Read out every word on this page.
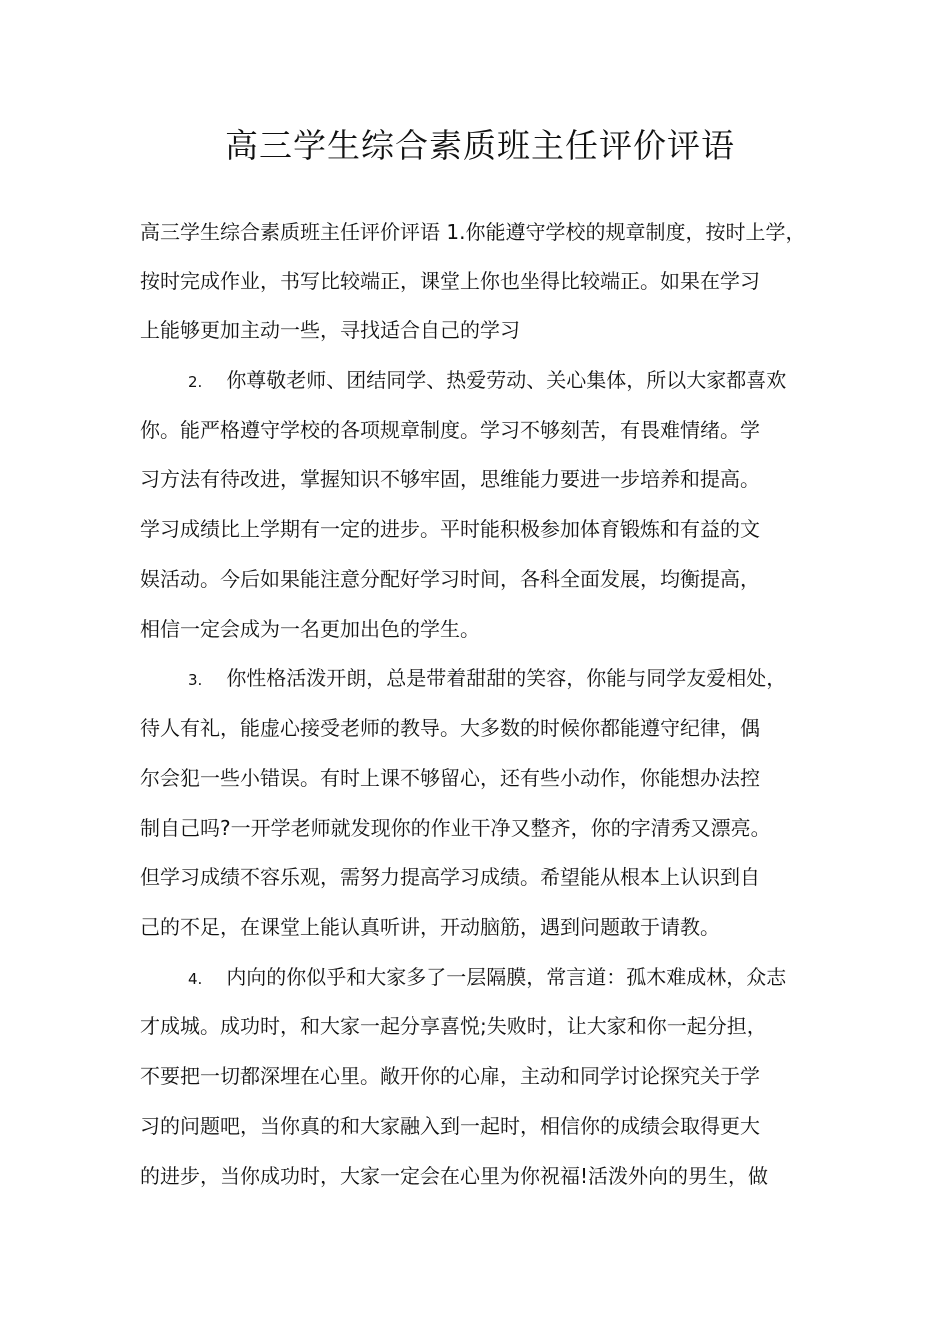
高三学生综合素质班主任评价评语
高三学生综合素质班主任评价评语 1.你能遵守学校的规章制度，按时上学，
按时完成作业，书写比较端正，课堂上你也坐得比较端正。如果在学习
上能够更加主动一些，寻找适合自己的学习
2. 你尊敬老师、团结同学、热爱劳动、关心集体，所以大家都喜欢
你。能严格遵守学校的各项规章制度。学习不够刻苦，有畏难情绪。学
习方法有待改进，掌握知识不够牢固，思维能力要进一步培养和提高。
学习成绩比上学期有一定的进步。平时能积极参加体育锻炼和有益的文
娱活动。今后如果能注意分配好学习时间，各科全面发展，均衡提高，
相信一定会成为一名更加出色的学生。
3. 你性格活泼开朗，总是带着甜甜的笑容，你能与同学友爱相处，
待人有礼，能虚心接受老师的教导。大多数的时候你都能遵守纪律，偶
尔会犯一些小错误。有时上课不够留心，还有些小动作，你能想办法控
制自己吗?一开学老师就发现你的作业干净又整齐，你的字清秀又漂亮。
但学习成绩不容乐观，需努力提高学习成绩。希望能从根本上认识到自
己的不足，在课堂上能认真听讲，开动脑筋，遇到问题敢于请教。
4. 内向的你似乎和大家多了一层隔膜，常言道：孤木难成林，众志
才成城。成功时，和大家一起分享喜悦;失败时，让大家和你一起分担，
不要把一切都深埋在心里。敞开你的心扉，主动和同学讨论探究关于学
习的问题吧，当你真的和大家融入到一起时，相信你的成绩会取得更大
的进步，当你成功时，大家一定会在心里为你祝福!活泼外向的男生，做
